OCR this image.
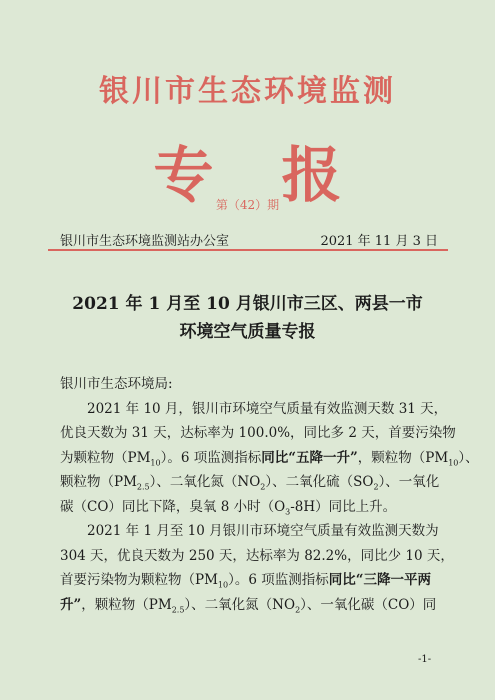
银川市生态环境监测
专 报
第（42）期
银川市生态环境监测站办公室	2021 年 11 月 3 日
2021 年 1 月至 10 月银川市三区、两县一市
环境空气质量专报

银川市生态环境局:

2021 年 10 月，银川市环境空气质量有效监测天数 31 天，

优良天数为 31 天，达标率为 100.0%，同比多 2 天，首要污染物

为颗粒物$(PM_{10})$。6 项监测指标同比“五降一升”，颗粒物$(PM_{10})$、

颗粒物$(PM_{2.5})$、二氧化氮$(NO_2)$、二氧化硫$(SO_2)$、一氧化

碳（CO）同比下降，臭氧 8 小时$(O_3-8H)$同比上升。

2021 年 1 月至 10 月银川市环境空气质量有效监测天数为

304 天，优良天数为 250 天，达标率为 82.2%，同比少 10 天，

首要污染物为颗粒物$(PM_{10})$。6 项监测指标同比“三降一平两

升”，颗粒物$(PM_{2.5})$、二氧化氮$(NO_2)$、一氧化碳（CO）同

-1-
